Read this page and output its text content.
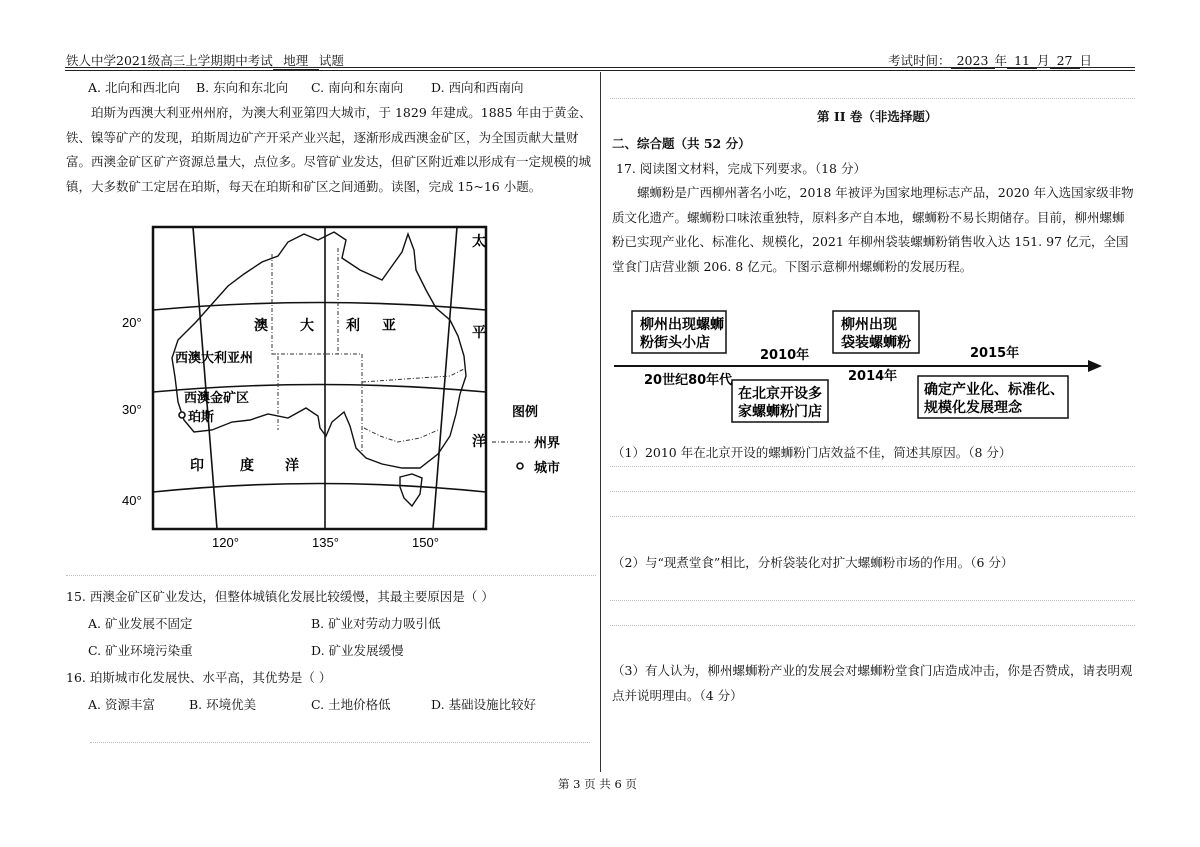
铁人中学2021级高三上学期期中考试 地理 试题	考试时间： 2023 年 11 月 27 日
A. 北向和西北向 B. 东向和东北向 C. 南向和东南向 D. 西向和西南向

珀斯为西澳大利亚州州府，为澳大利亚第四大城市，于 1829 年建成。1885 年由于黄金、铁、镍等矿产的发现，珀斯周边矿产开采产业兴起，逐渐形成西澳金矿区，为全国贡献大量财富。西澳金矿区矿产资源总量大，点位多。尽管矿业发达，但矿区附近难以形成有一定规模的城镇，大多数矿工定居在珀斯，每天在珀斯和矿区之间通勤。读图，完成 15~16 小题。

20°
30°
40°
120°	135°	150°
澳 大 利 亚
西澳大利亚州
西澳金矿区
珀斯
印	度 洋
太
平
洋
图例
州界
城市
15. 西澳金矿区矿业发达，但整体城镇化发展比较缓慢，其最主要原因是（ ）
A. 矿业发展不固定	B. 矿业对劳动力吸引低
C. 矿业环境污染重	D. 矿业发展缓慢
16. 珀斯城市化发展快、水平高，其优势是（ ）
A. 资源丰富	B. 环境优美	C. 土地价格低	D. 基础设施比较好
第 II 卷（非选择题）
二、综合题（共 52 分）
17. 阅读图文材料，完成下列要求。（18 分）

螺蛳粉是广西柳州著名小吃，2018 年被评为国家地理标志产品，2020 年入选国家级非物质文化遗产。螺蛳粉口味浓重独特，原料多产自本地，螺蛳粉不易长期储存。目前，柳州螺蛳粉已实现产业化、标准化、规模化，2021 年柳州袋装螺蛳粉销售收入达 151. 97 亿元，全国堂食门店营业额 206. 8 亿元。下图示意柳州螺蛳粉的发展历程。

柳州出现螺蛳
粉街头小店
20世纪80年代
2010年
在北京开设多
家螺蛳粉门店
柳州出现
袋装螺蛳粉
2014年
2015年
确定产业化、标准化、
规模化发展理念
（1）2010 年在北京开设的螺蛳粉门店效益不佳，简述其原因。（8 分）
（2）与“现煮堂食”相比，分析袋装化对扩大螺蛳粉市场的作用。（6 分）

（3）有人认为，柳州螺蛳粉产业的发展会对螺蛳粉堂食门店造成冲击，你是否赞成，请表明观点并说明理由。（4 分）

第 3 页 共 6 页
